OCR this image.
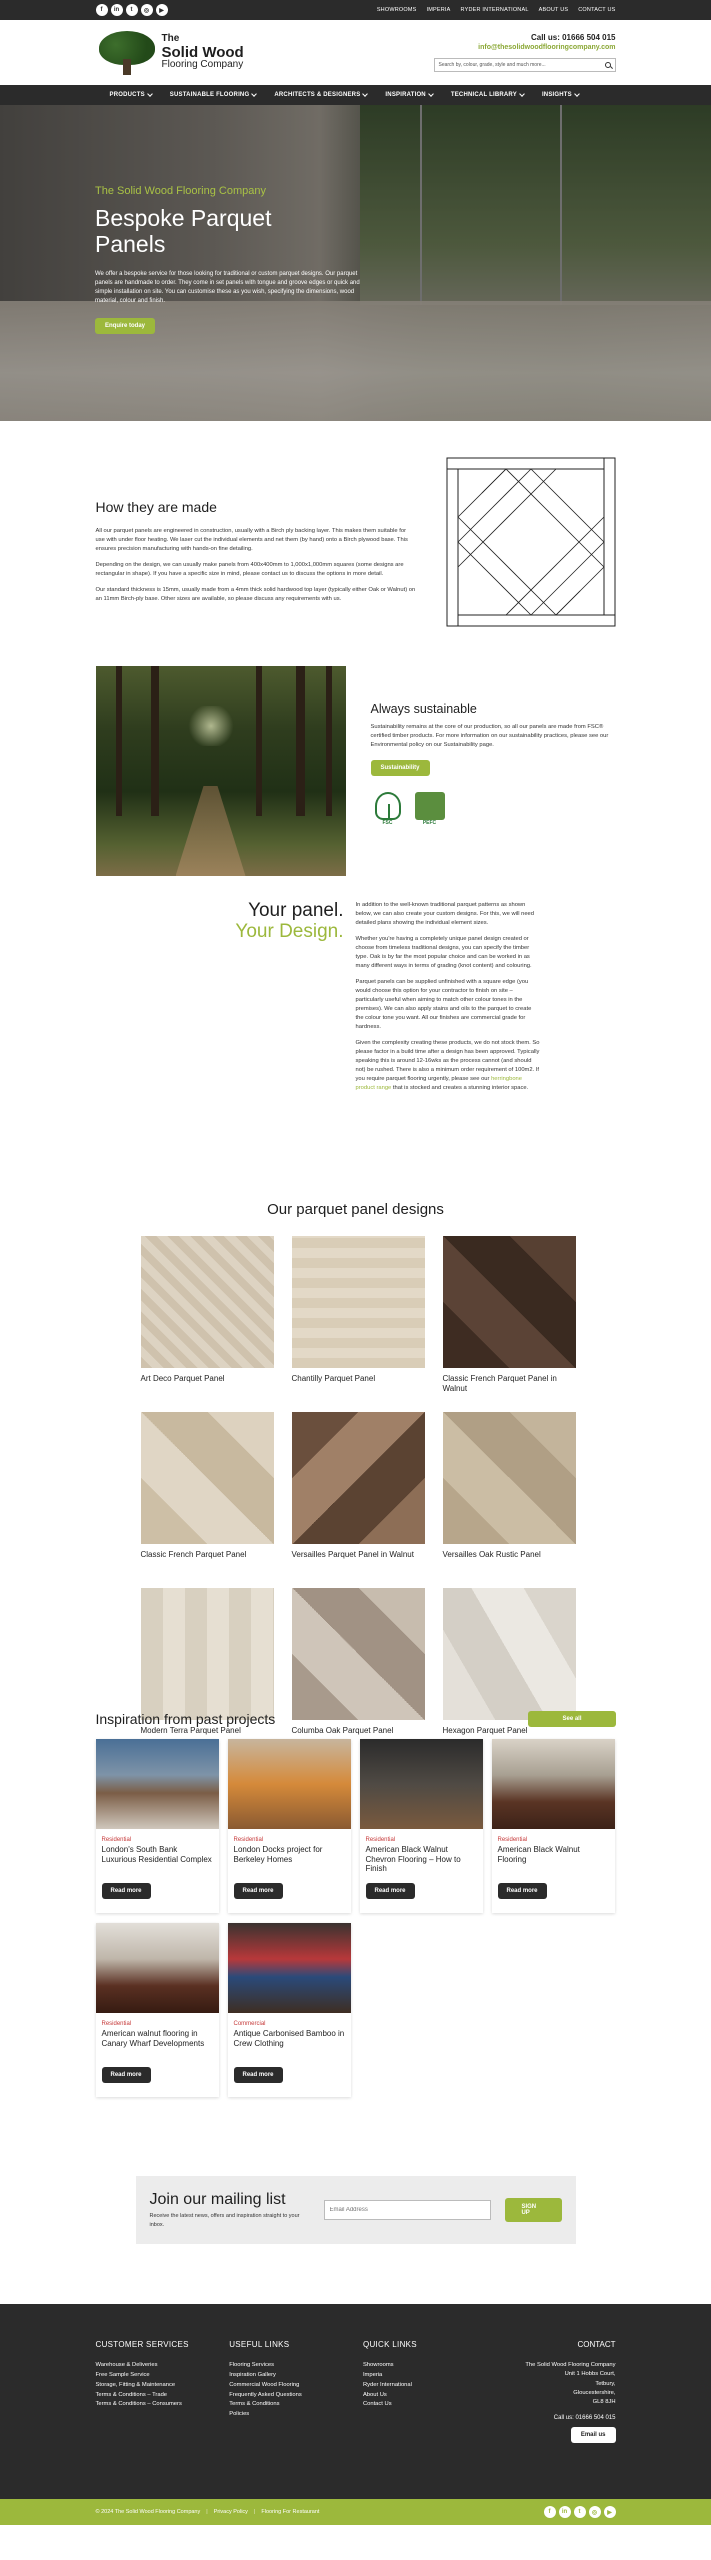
f	in	t	◎	▶	SHOWROOMS IMPERIA RYDER INTERNATIONAL ABOUT US CONTACT US
The
Solid Wood
Flooring Company
Call us: 01666 504 015
info@thesolidwoodflooringcompany.com
Search by, colour, grade, style and much more...
PRODUCTS	SUSTAINABLE FLOORING	ARCHITECTS & DESIGNERS	INSPIRATION	TECHNICAL LIBRARY	INSIGHTS
The Solid Wood Flooring Company
Bespoke Parquet
Panels

We offer a bespoke service for those looking for traditional or custom parquet designs. Our parquet panels are handmade to order. They come in set panels with tongue and groove edges or quick and simple installation on site. You can customise these as you wish, specifying the dimensions, wood material, colour and finish.

Enquire today
How they are made

All our parquet panels are engineered in construction, usually with a Birch ply backing layer. This makes them suitable for use with under floor heating. We laser cut the individual elements and net them (by hand) onto a Birch plywood base. This ensures precision manufacturing with hands-on fine detailing.

Depending on the design, we can usually make panels from 400x400mm to 1,000x1,000mm squares (some designs are rectangular in shape). If you have a specific size in mind, please contact us to discuss the options in more detail.

Our standard thickness is 15mm, usually made from a 4mm thick solid hardwood top layer (typically either Oak or Walnut) on an 11mm Birch-ply base. Other sizes are available, so please discuss any requirements with us.

Always sustainable

Sustainability remains at the core of our production, so all our panels are made from FSC® certified timber products. For more information on our sustainability practices, please see our Environmental policy on our Sustainability page.

Sustainability
FSC	PEFC
Your panel.
Your Design.

In addition to the well-known traditional parquet patterns as shown below, we can also create your custom designs. For this, we will need detailed plans showing the individual element sizes.

Whether you're having a completely unique panel design created or choose from timeless traditional designs, you can specify the timber type. Oak is by far the most popular choice and can be worked in as many different ways in terms of grading (knot content) and colouring.

Parquet panels can be supplied unfinished with a square edge (you would choose this option for your contractor to finish on site – particularly useful when aiming to match other colour tones in the premises). We can also apply stains and oils to the parquet to create the colour tone you want. All our finishes are commercial grade for hardness.

Given the complexity creating these products, we do not stock them. So please factor in a build time after a design has been approved. Typically speaking this is around 12-16wks as the process cannot (and should not) be rushed. There is also a minimum order requirement of 100m2. If you require parquet flooring urgently, please see our herringbone product range that is stocked and creates a stunning interior space.

Our parquet panel designs
Art Deco Parquet Panel	Chantilly Parquet Panel	Classic French Parquet Panel in Walnut
Classic French Parquet Panel	Versailles Parquet Panel in Walnut	Versailles Oak Rustic Panel
Modern Terra Parquet Panel	Columba Oak Parquet Panel	Hexagon Parquet Panel
Inspiration from past projects	See all
Residential
London's South Bank Luxurious Residential Complex
Read more
Residential
London Docks project for Berkeley Homes
Read more
Residential
American Black Walnut Chevron Flooring – How to Finish
Read more
Residential
American Black Walnut Flooring
Read more
Residential
American walnut flooring in Canary Wharf Developments
Read more
Commercial
Antique Carbonised Bamboo in Crew Clothing
Read more
Join our mailing list
Receive the latest news, offers and inspiration straight to your inbox.
Email Address
SIGN UP
CUSTOMER SERVICES
Warehouse & Deliveries
Free Sample Service
Storage, Fitting & Maintenance
Terms & Conditions – Trade
Terms & Conditions – Consumers
USEFUL LINKS
Flooring Services
Inspiration Gallery
Commercial Wood Flooring
Frequently Asked Questions
Terms & Conditions
Policies
QUICK LINKS
Showrooms
Imperia
Ryder International
About Us
Contact Us
CONTACT
The Solid Wood Flooring Company
Unit 1 Hobbs Court,
Tetbury,
Gloucestershire,
GL8 8JH
Call us: 01666 504 015
Email us
© 2024 The Solid Wood Flooring Company | Privacy Policy | Flooring For Restaurant	f	in	t	◎	▶
